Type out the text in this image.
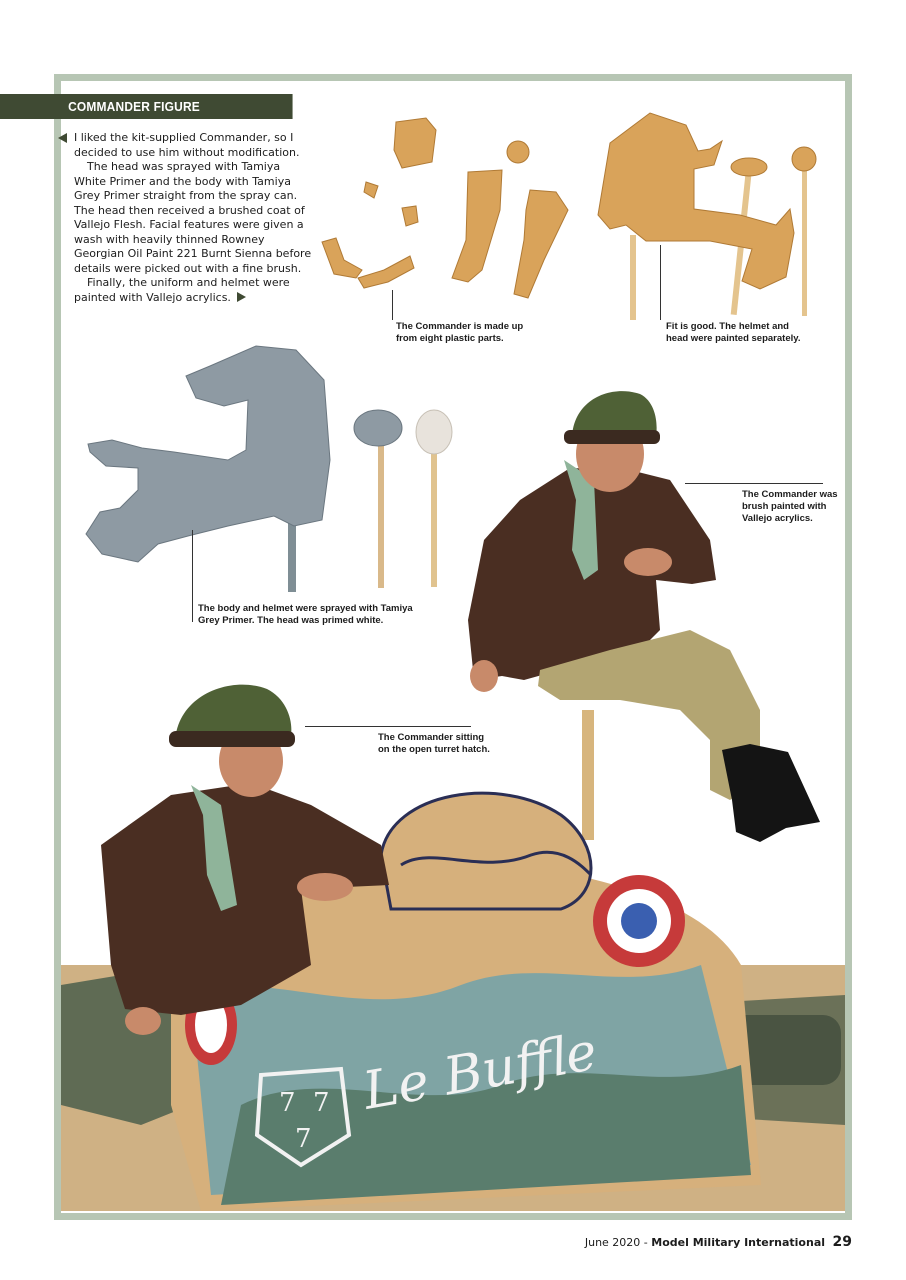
COMMANDER FIGURE

I liked the kit-supplied Commander, so I decided to use him without modification.

The head was sprayed with Tamiya White Primer and the body with Tamiya Grey Primer straight from the spray can. The head then received a brushed coat of Vallejo Flesh. Facial features were given a wash with heavily thinned Rowney Georgian Oil Paint 221 Burnt Sienna before details were picked out with a fine brush.

Finally, the uniform and helmet were painted with Vallejo acrylics.

The Commander is made up
from eight plastic parts.
Fit is good. The helmet and
head were painted separately.
The body and helmet were sprayed with Tamiya
Grey Primer. The head was primed white.
The Commander was
brush painted with
Vallejo acrylics.
7 7
7
Le Buffle
The Commander sitting
on the open turret hatch.
June 2020 - Model Military International 29
